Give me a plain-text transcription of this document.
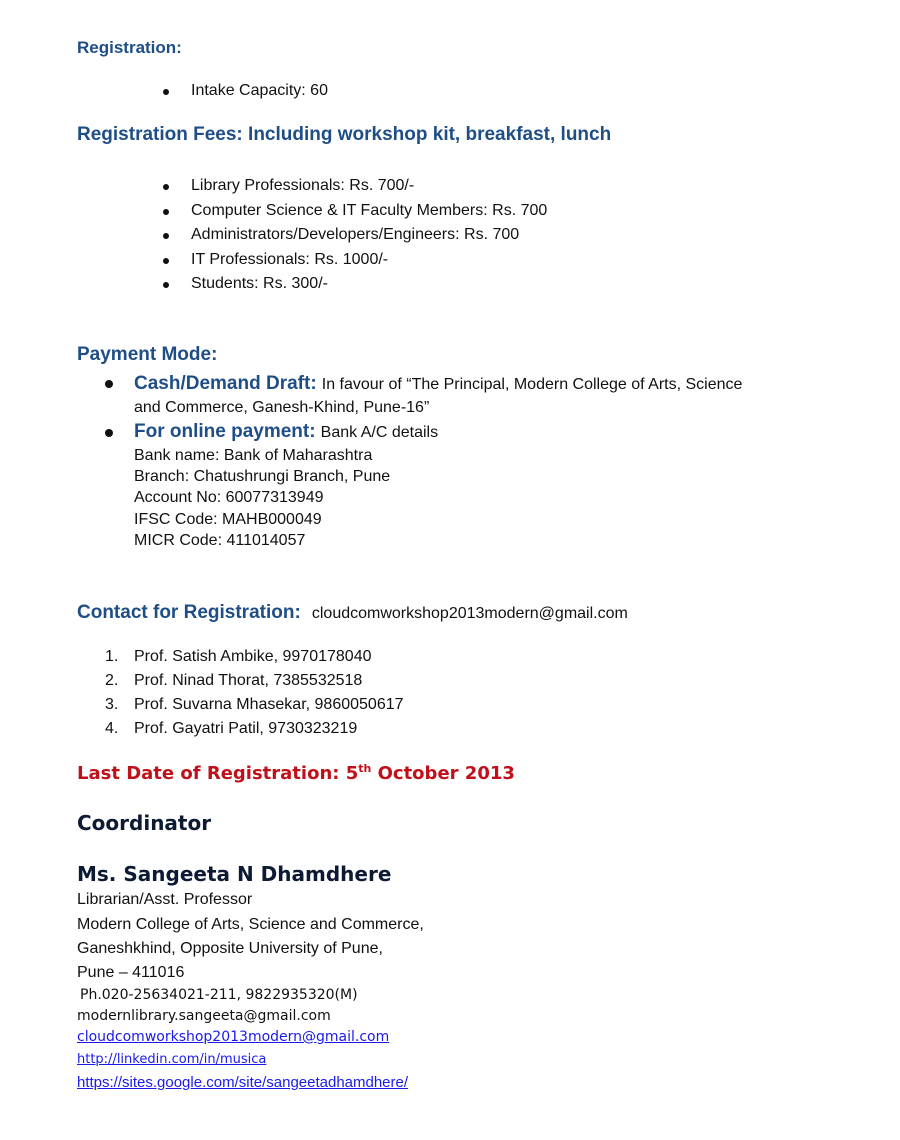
Registration:
Intake Capacity: 60
Registration Fees: Including workshop kit, breakfast, lunch
Library Professionals: Rs. 700/-
Computer Science & IT Faculty Members: Rs. 700
Administrators/Developers/Engineers: Rs. 700
IT Professionals: Rs. 1000/-
Students: Rs. 300/-
Payment Mode:
Cash/Demand Draft: In favour of “The Principal, Modern College of Arts, Science
and Commerce, Ganesh-Khind, Pune-16”
For online payment: Bank A/C details
Bank name: Bank of Maharashtra
Branch: Chatushrungi Branch, Pune
Account No: 60077313949
IFSC Code: MAHB000049
MICR Code: 411014057
Contact for Registration: cloudcomworkshop2013modern@gmail.com
1. Prof. Satish Ambike, 9970178040
2. Prof. Ninad Thorat, 7385532518
3. Prof. Suvarna Mhasekar, 9860050617
4. Prof. Gayatri Patil, 9730323219
Last Date of Registration: 5th October 2013
Coordinator
Ms. Sangeeta N Dhamdhere
Librarian/Asst. Professor
Modern College of Arts, Science and Commerce,
Ganeshkhind, Opposite University of Pune,
Pune – 411016
Ph.020-25634021-211, 9822935320(M)
modernlibrary.sangeeta@gmail.com
cloudcomworkshop2013modern@gmail.com
http://linkedin.com/in/musica
https://sites.google.com/site/sangeetadhamdhere/
